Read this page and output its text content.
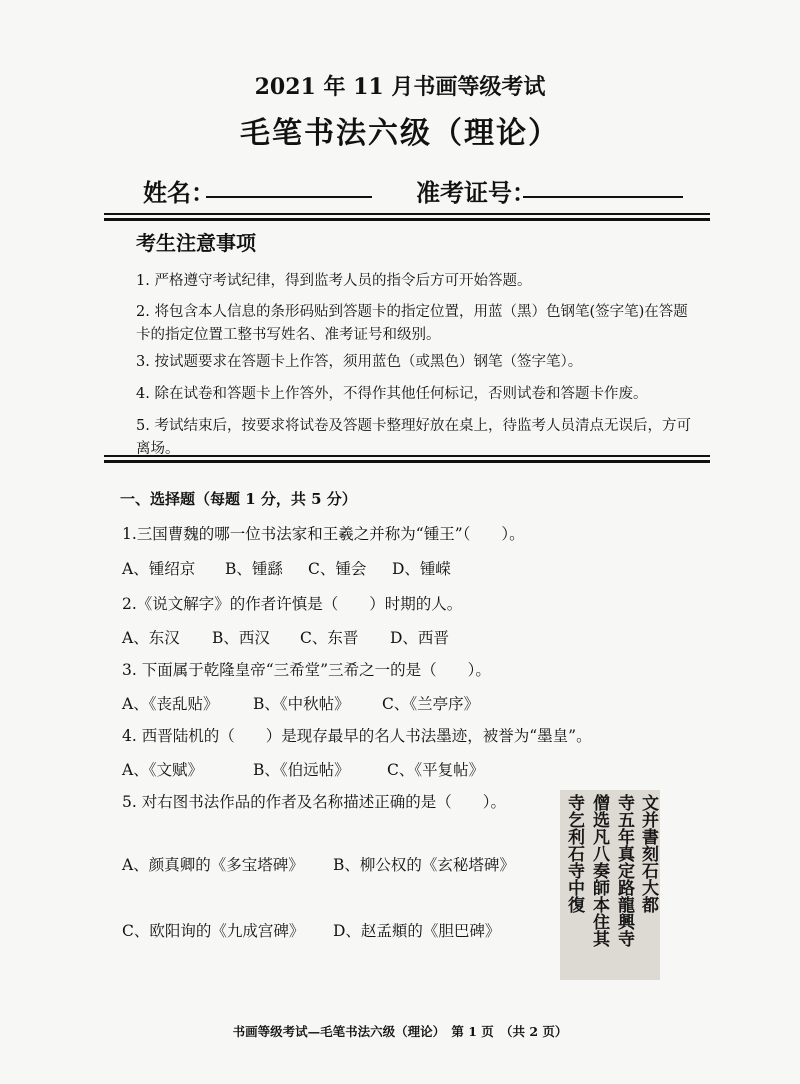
2021 年 11 月书画等级考试
毛笔书法六级（理论）
姓名：	准考证号：
考生注意事项
1. 严格遵守考试纪律，得到监考人员的指令后方可开始答题。
2. 将包含本人信息的条形码贴到答题卡的指定位置，用蓝（黑）色钢笔(签字笔)在答题卡的指定位置工整书写姓名、准考证号和级别。
3. 按试题要求在答题卡上作答，须用蓝色（或黑色）钢笔（签字笔）。
4. 除在试卷和答题卡上作答外，不得作其他任何标记，否则试卷和答题卡作废。
5. 考试结束后，按要求将试卷及答题卡整理好放在桌上，待监考人员清点无误后，方可离场。
一、选择题（每题 1 分，共 5 分）
1.三国曹魏的哪一位书法家和王羲之并称为“锺王”（　　）。
A、锺绍京 B、锺繇 C、锺会 D、锺嵘
2.《说文解字》的作者许慎是（　　）时期的人。
A、东汉 B、西汉 C、东晋 D、西晋
3. 下面属于乾隆皇帝“三希堂”三希之一的是（　　）。
A、《丧乱贴》 B、《中秋帖》 C、《兰亭序》
4. 西晋陆机的（　　）是现存最早的名人书法墨迹，被誉为“墨皇”。
A、《文赋》	B、《伯远帖》 C、《平复帖》
5. 对右图书法作品的作者及名称描述正确的是（　　）。
A、颜真卿的《多宝塔碑》 B、柳公权的《玄秘塔碑》
C、欧阳询的《九成宫碑》 D、赵孟頫的《胆巴碑》
文并書刻石大都
寺五年真定路龍興寺
僧选凡八奏師本住其
寺乞利石寺中復
书画等级考试—毛笔书法六级（理论）　第 1 页　（共 2 页）
